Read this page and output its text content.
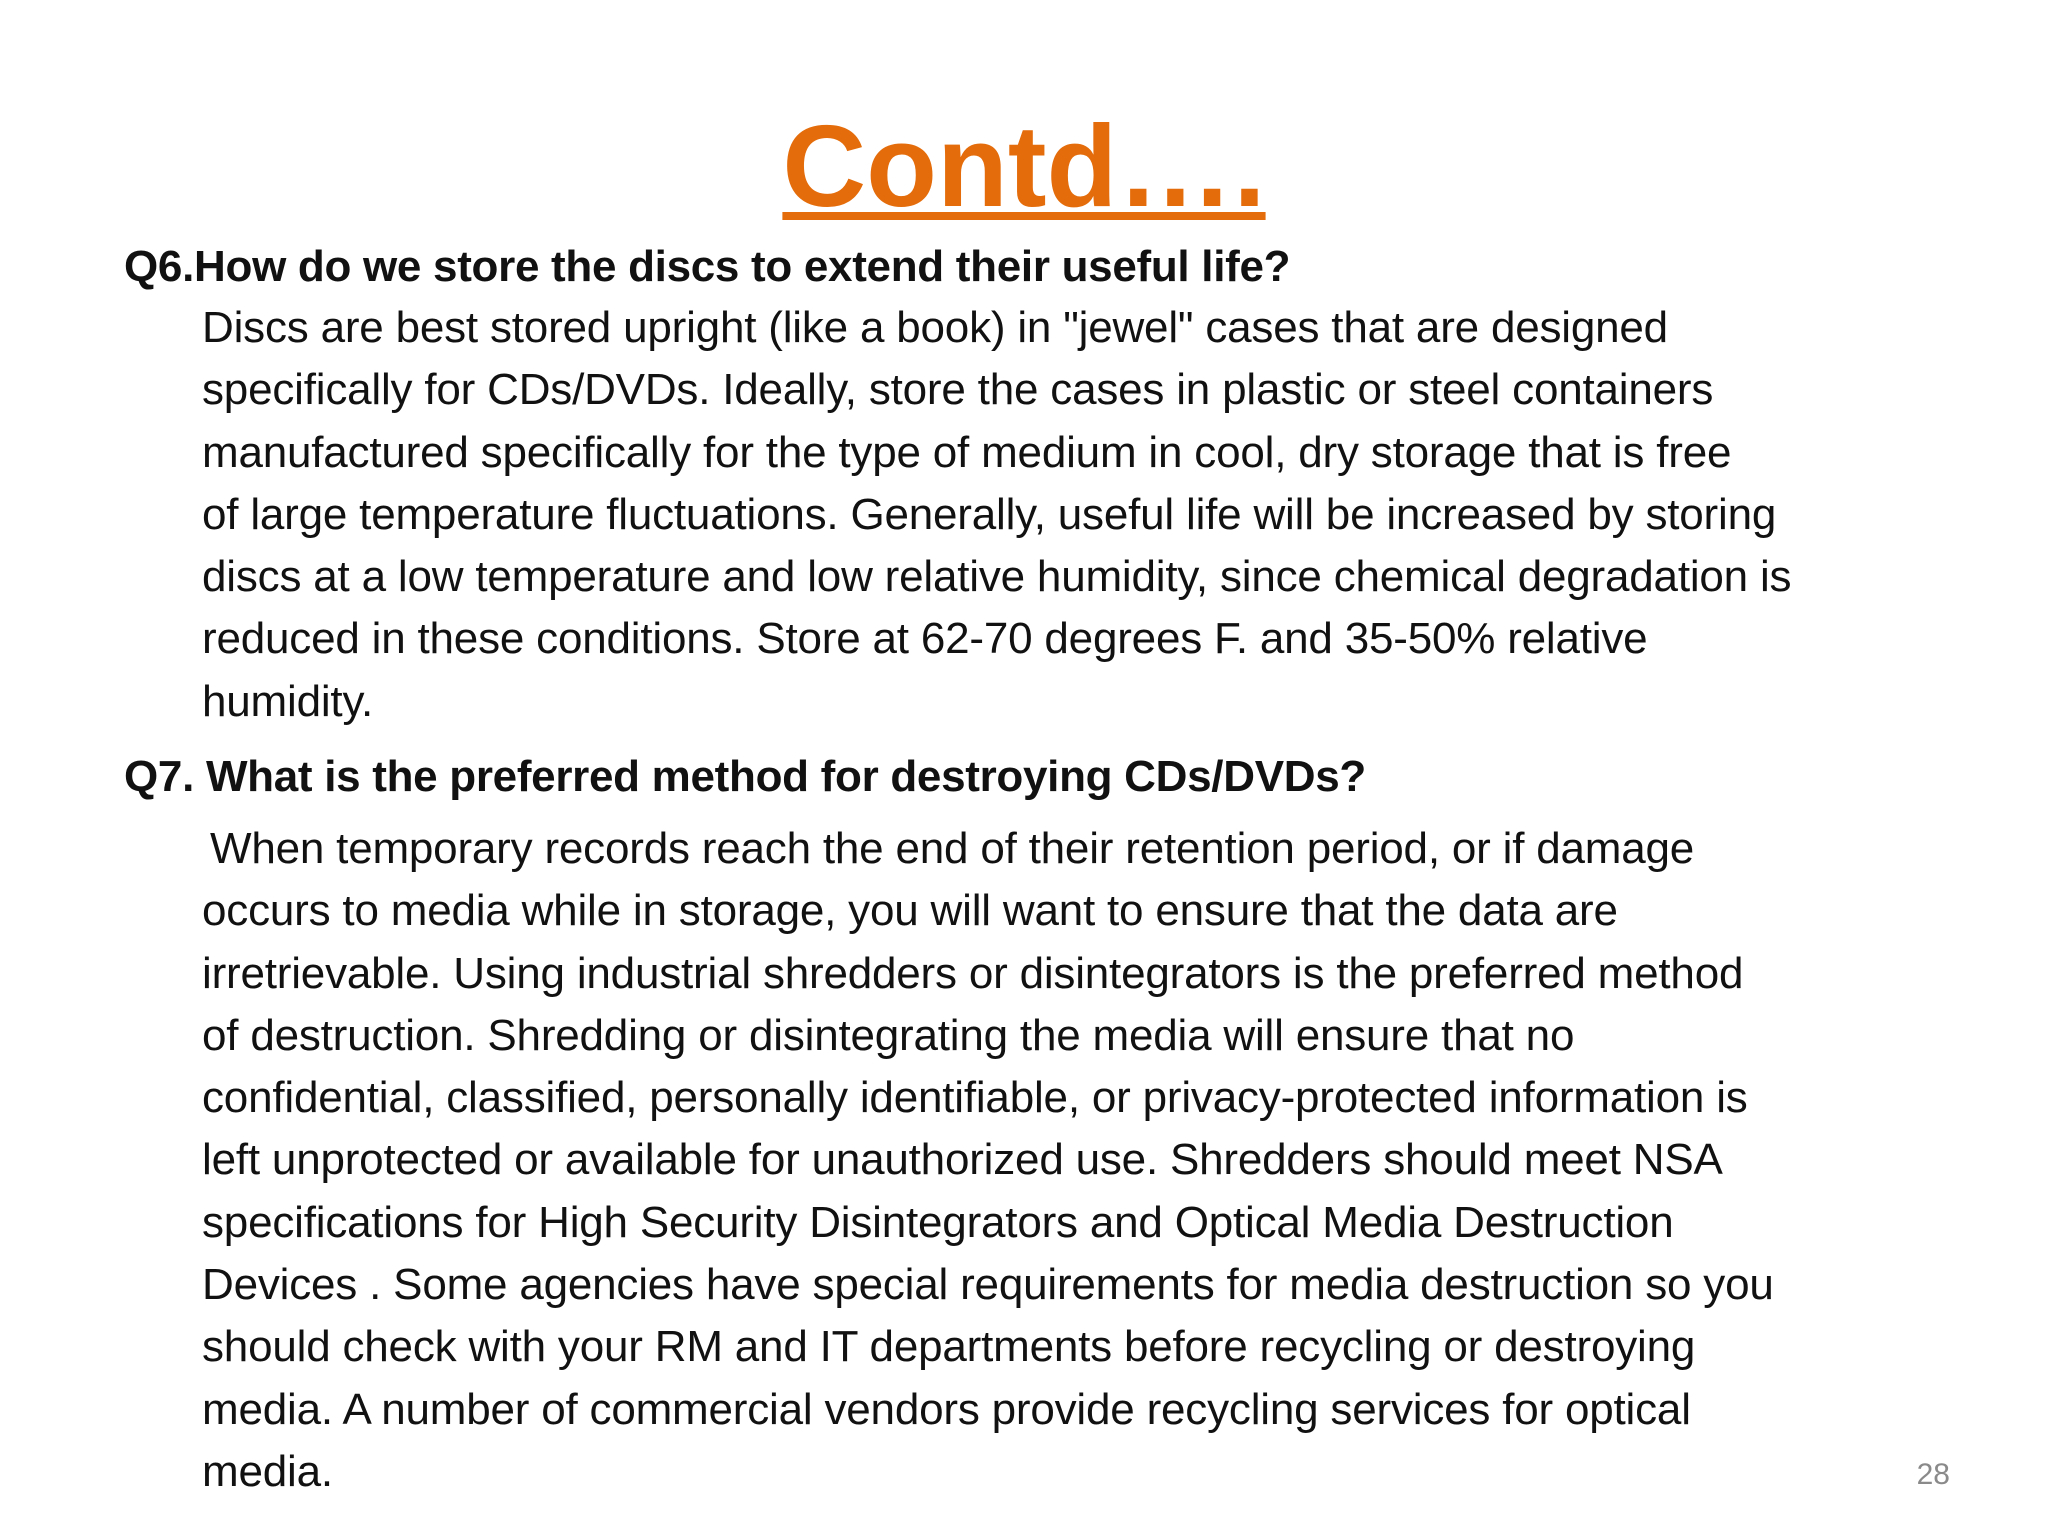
Contd….
Q6.How do we store the discs to extend their useful life?
Discs are best stored upright (like a book) in "jewel" cases that are designed
specifically for CDs/DVDs. Ideally, store the cases in plastic or steel containers
manufactured specifically for the type of medium in cool, dry storage that is free
of large temperature fluctuations. Generally, useful life will be increased by storing
discs at a low temperature and low relative humidity, since chemical degradation is
reduced in these conditions. Store at 62-70 degrees F. and 35-50% relative
humidity.
Q7. What is the preferred method for destroying CDs/DVDs?
When temporary records reach the end of their retention period, or if damage
occurs to media while in storage, you will want to ensure that the data are
irretrievable. Using industrial shredders or disintegrators is the preferred method
of destruction. Shredding or disintegrating the media will ensure that no
confidential, classified, personally identifiable, or privacy-protected information is
left unprotected or available for unauthorized use. Shredders should meet NSA
specifications for High Security Disintegrators and Optical Media Destruction
Devices . Some agencies have special requirements for media destruction so you
should check with your RM and IT departments before recycling or destroying
media. A number of commercial vendors provide recycling services for optical
media.	28
